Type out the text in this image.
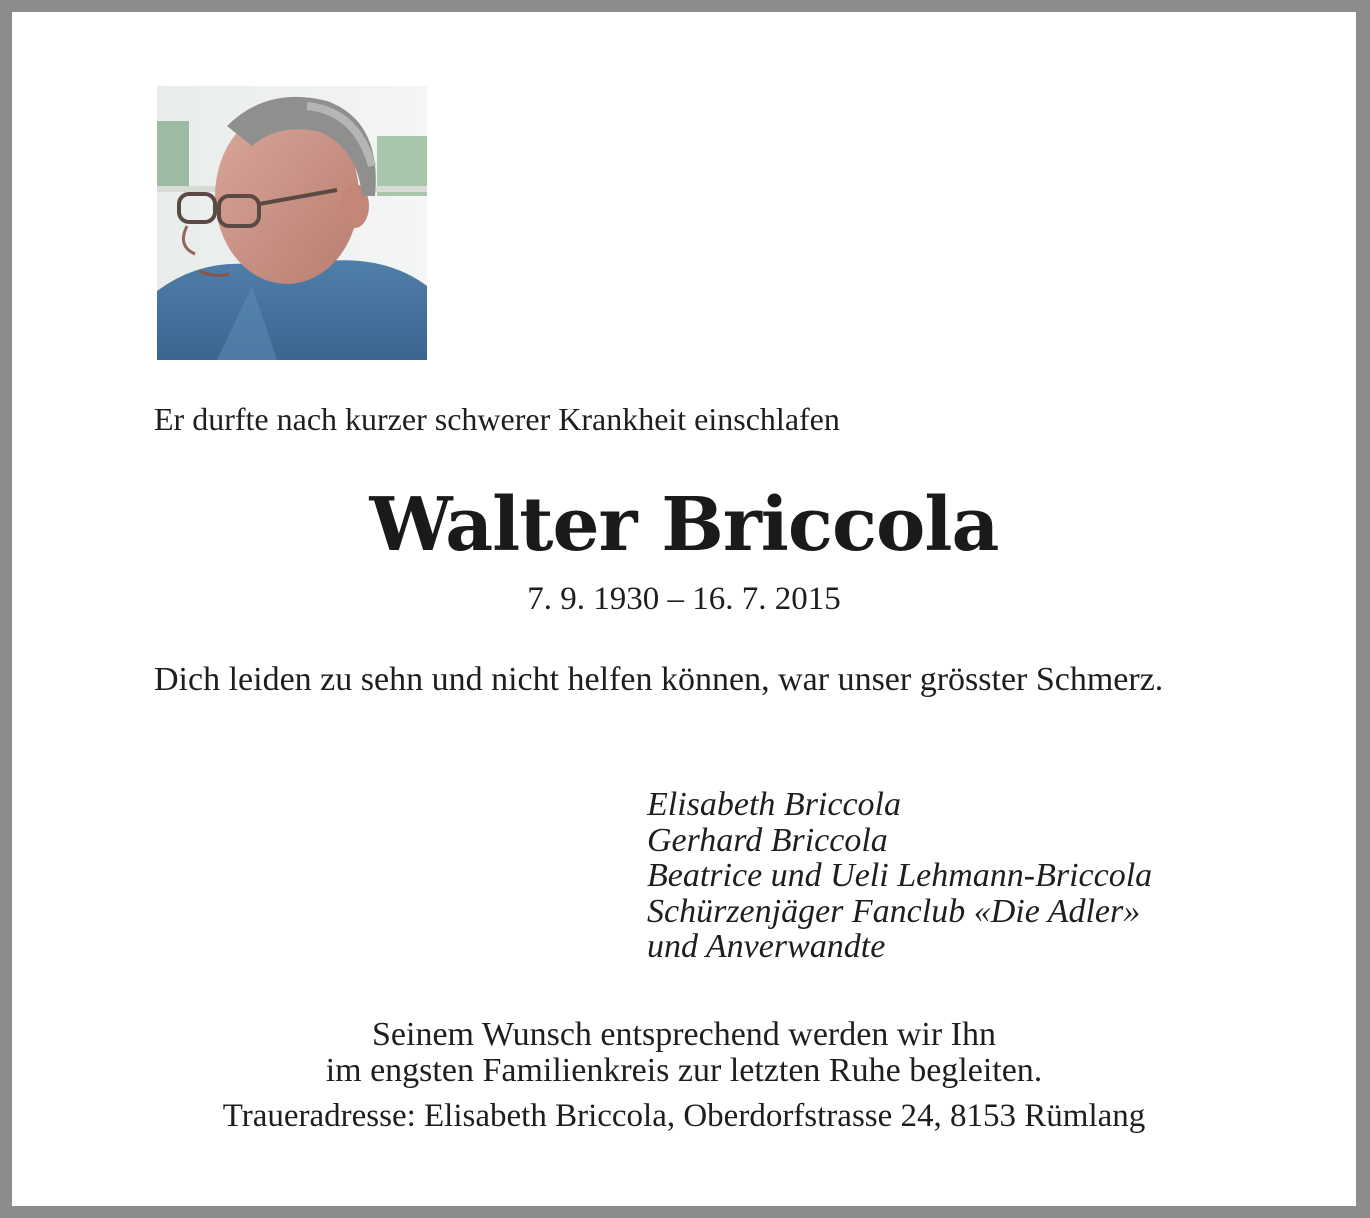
Er durfte nach kurzer schwerer Krankheit einschlafen
Walter Briccola
7. 9. 1930 – 16. 7. 2015
Dich leiden zu sehn und nicht helfen können, war unser grösster Schmerz.
Elisabeth Briccola
Gerhard Briccola
Beatrice und Ueli Lehmann-Briccola
Schürzenjäger Fanclub «Die Adler»
und Anverwandte
Seinem Wunsch entsprechend werden wir Ihn
im engsten Familienkreis zur letzten Ruhe begleiten.
Traueradresse: Elisabeth Briccola, Oberdorfstrasse 24, 8153 Rümlang
